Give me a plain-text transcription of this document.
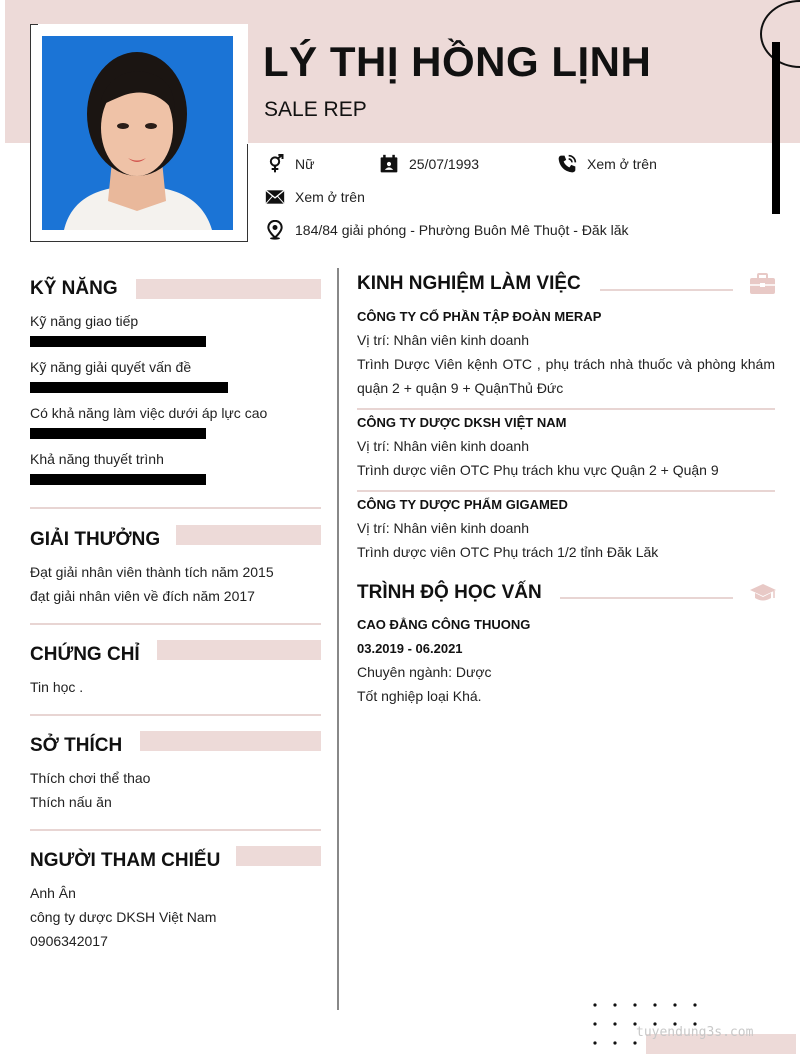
LÝ THỊ HỒNG LỊNH
SALE REP
Nữ	25/07/1993	Xem ở trên
Xem ở trên
184/84 giải phóng - Phường Buôn Mê Thuột - Đăk lăk
KỸ NĂNG
Kỹ năng giao tiếp
Kỹ năng giải quyết vấn đề
Có khả năng làm việc dưới áp lực cao
Khả năng thuyết trình
GIẢI THƯỞNG
Đạt giải nhân viên thành tích năm 2015
đạt giải nhân viên về đích năm 2017
CHỨNG CHỈ
Tin học .
SỞ THÍCH
Thích chơi thể thao
Thích nấu ăn
NGƯỜI THAM CHIẾU
Anh Ân
công ty dược DKSH Việt Nam
0906342017
KINH NGHIỆM LÀM VIỆC
CÔNG TY CỔ PHẦN TẬP ĐOÀN MERAP
Vị trí: Nhân viên kinh doanh
Trình Dược Viên kệnh OTC , phụ trách nhà thuốc và phòng khám quận 2 + quận 9 + QuậnThủ Đức
CÔNG TY DƯỢC DKSH VIỆT NAM
Vị trí: Nhân viên kinh doanh
Trình dược viên OTC Phụ trách khu vực Quận 2 + Quận 9
CÔNG TY DƯỢC PHẨM GIGAMED
Vị trí: Nhân viên kinh doanh
Trình dược viên OTC Phụ trách 1/2 tỉnh Đăk Lăk
TRÌNH ĐỘ HỌC VẤN
CAO ĐẲNG CÔNG THUONG
03.2019 - 06.2021
Chuyên ngành: Dược
Tốt nghiệp loại Khá.
tuyendung3s.com
